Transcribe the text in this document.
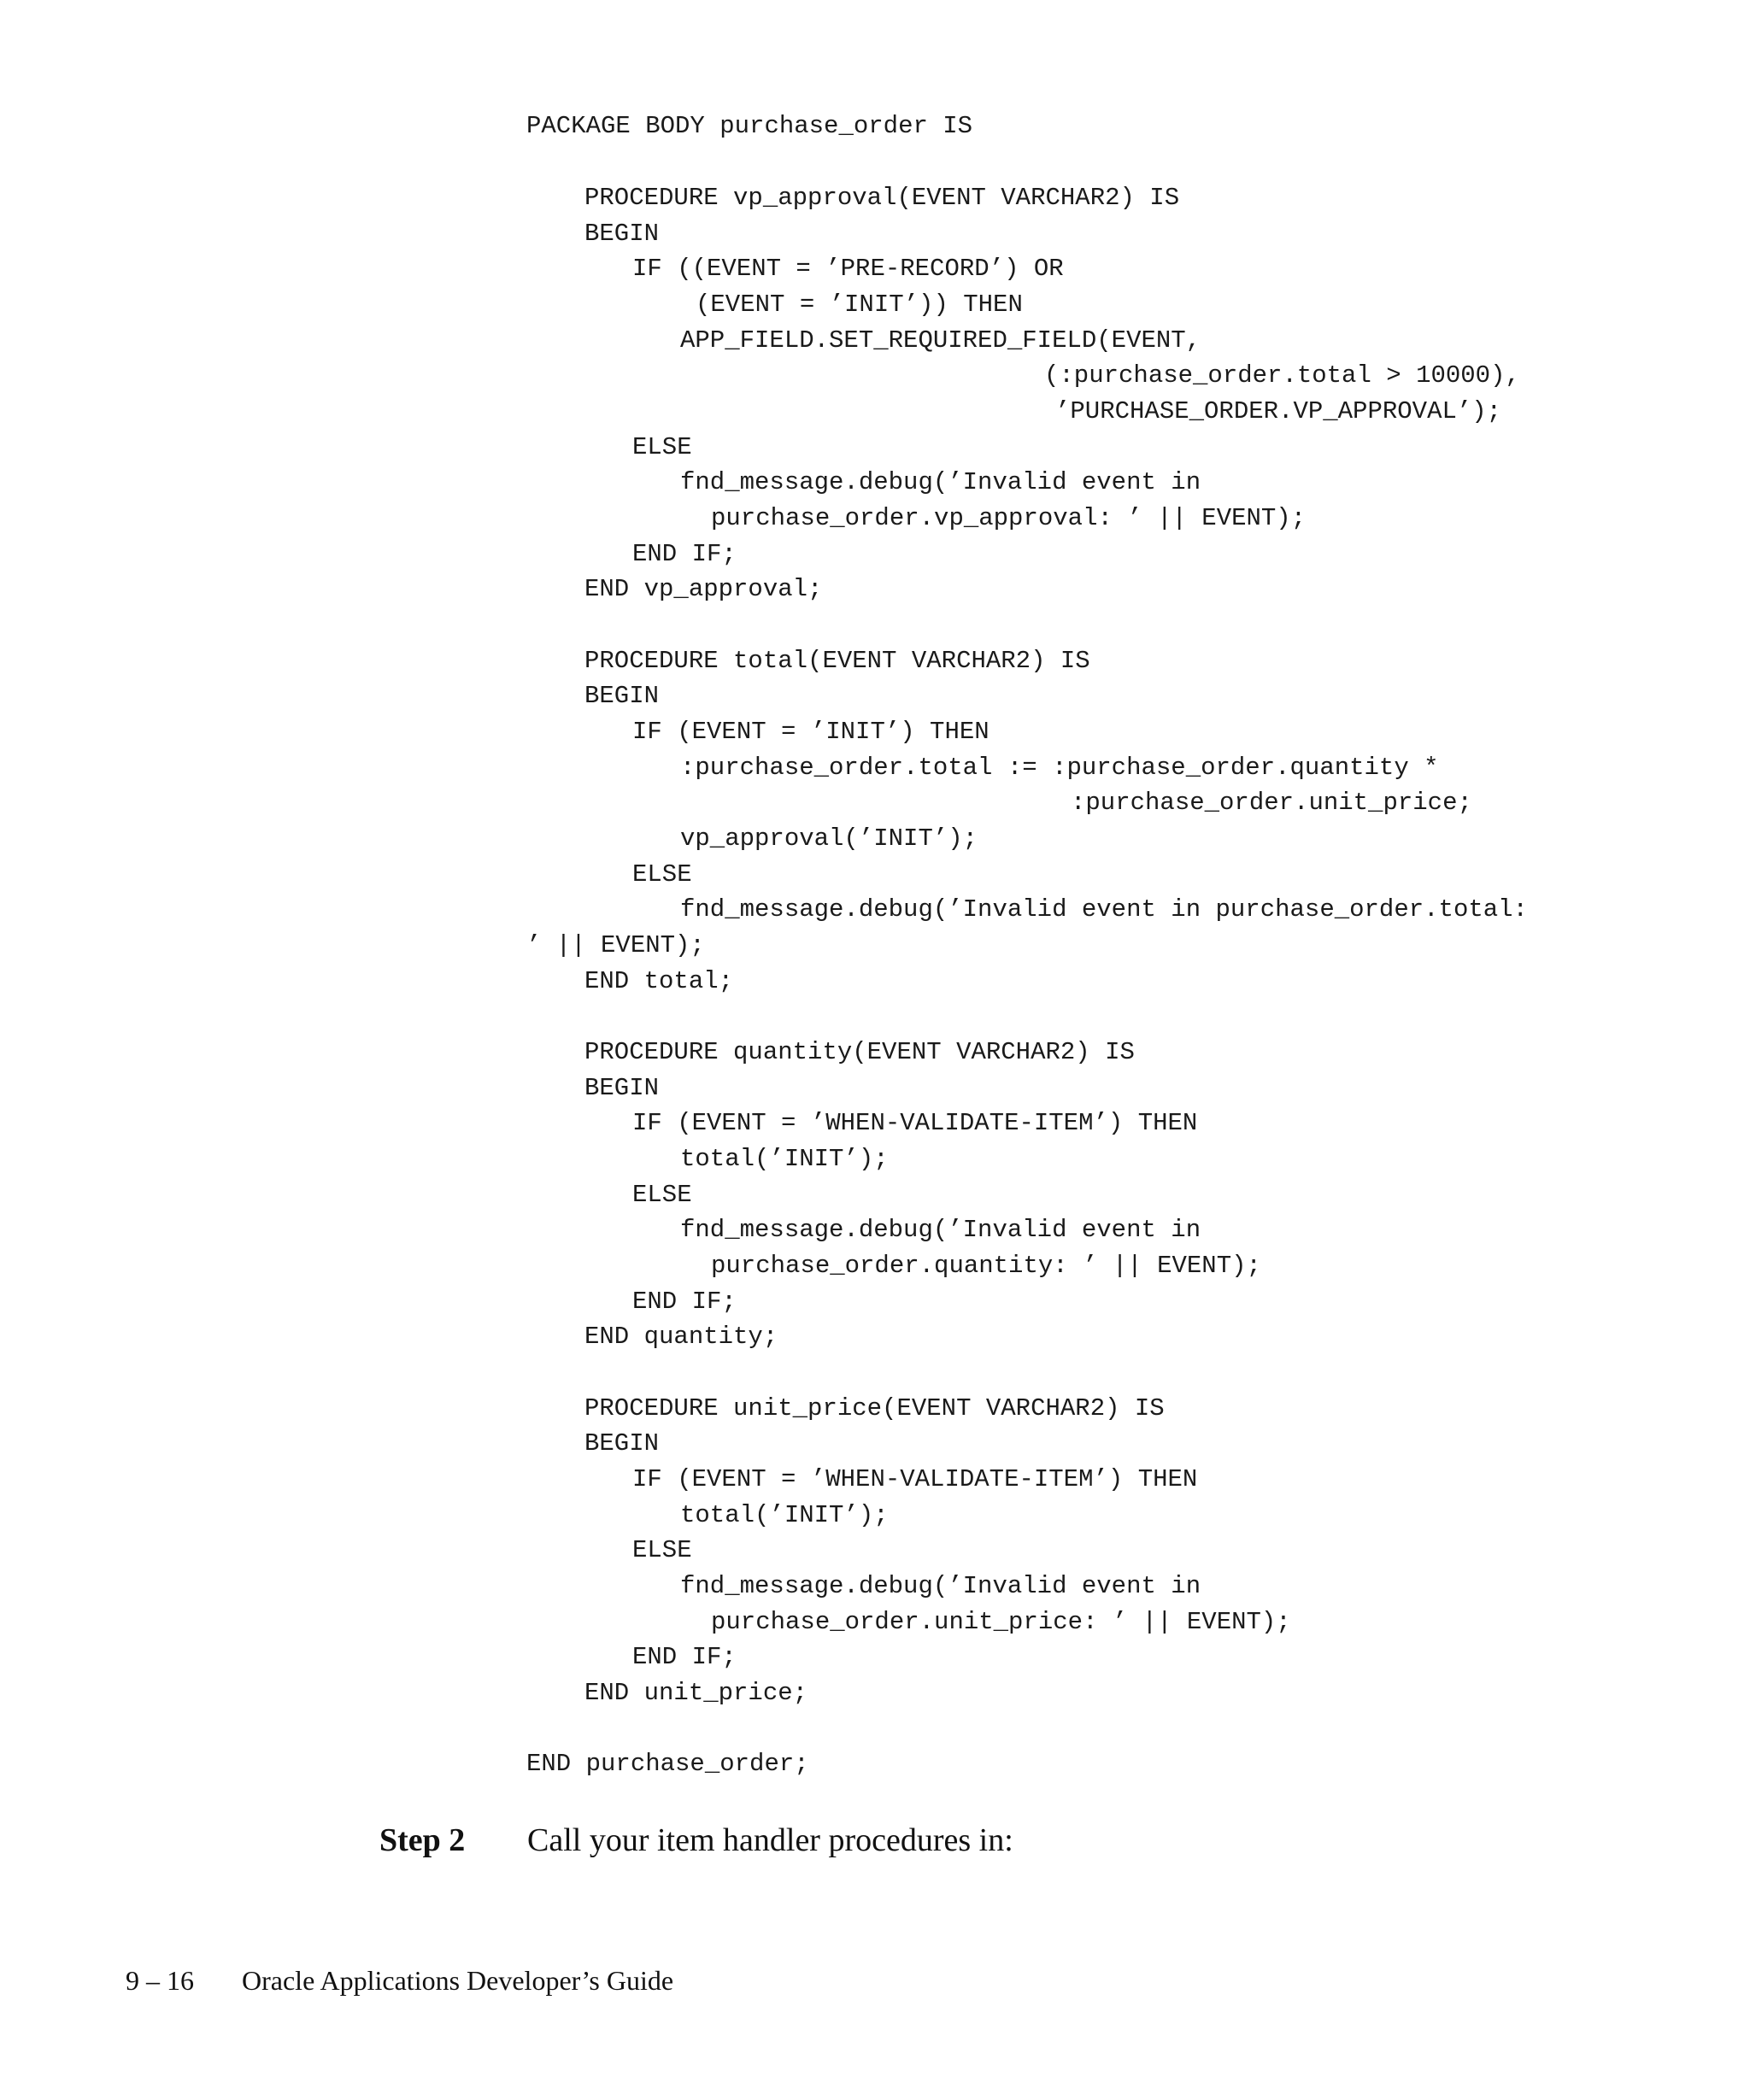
PACKAGE BODY purchase_order IS
PROCEDURE vp_approval(EVENT VARCHAR2) IS
BEGIN
IF ((EVENT = ’PRE-RECORD’) OR
(EVENT = ’INIT’)) THEN
APP_FIELD.SET_REQUIRED_FIELD(EVENT,
(:purchase_order.total > 10000),
’PURCHASE_ORDER.VP_APPROVAL’);
ELSE
fnd_message.debug(’Invalid event in
purchase_order.vp_approval: ’ || EVENT);
END IF;
END vp_approval;
PROCEDURE total(EVENT VARCHAR2) IS
BEGIN
IF (EVENT = ’INIT’) THEN
:purchase_order.total := :purchase_order.quantity *
:purchase_order.unit_price;
vp_approval(’INIT’);
ELSE
fnd_message.debug(’Invalid event in purchase_order.total:
’ || EVENT);
END total;
PROCEDURE quantity(EVENT VARCHAR2) IS
BEGIN
IF (EVENT = ’WHEN-VALIDATE-ITEM’) THEN
total(’INIT’);
ELSE
fnd_message.debug(’Invalid event in
purchase_order.quantity: ’ || EVENT);
END IF;
END quantity;
PROCEDURE unit_price(EVENT VARCHAR2) IS
BEGIN
IF (EVENT = ’WHEN-VALIDATE-ITEM’) THEN
total(’INIT’);
ELSE
fnd_message.debug(’Invalid event in
purchase_order.unit_price: ’ || EVENT);
END IF;
END unit_price;
END purchase_order;
Step 2 Call your item handler procedures in:
9 – 16 Oracle Applications Developer’s Guide
